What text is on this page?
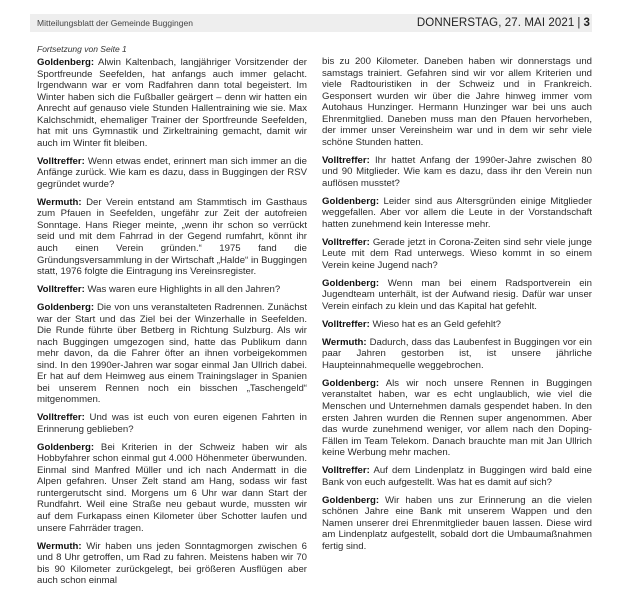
Mitteilungsblatt der Gemeinde Buggingen	DONNERSTAG, 27. MAI 2021 | 3
Fortsetzung von Seite 1

Goldenberg: Alwin Kaltenbach, langjähriger Vorsitzender der Sportfreunde Seefelden, hat anfangs auch immer gelacht. Irgendwann war er vom Radfahren dann total begeistert. Im Winter haben sich die Fußballer geärgert – denn wir hatten ein Anrecht auf genauso viele Stunden Hallentraining wie sie. Max Kalchschmidt, ehemaliger Trainer der Sportfreunde Seefelden, hat mit uns Gymnastik und Zirkeltraining gemacht, damit wir auch im Winter fit bleiben.

Volltreffer: Wenn etwas endet, erinnert man sich immer an die Anfänge zurück. Wie kam es dazu, dass in Buggingen der RSV gegründet wurde?

Wermuth: Der Verein entstand am Stammtisch im Gasthaus zum Pfauen in Seefelden, ungefähr zur Zeit der autofreien Sonntage. Hans Rieger meinte, „wenn ihr schon so verrückt seid und mit dem Fahrrad in der Gegend rumfahrt, könnt ihr auch einen Verein gründen.“ 1975 fand die Gründungsversammlung in der Wirtschaft „Halde“ in Buggingen statt, 1976 folgte die Eintragung ins Vereinsregister.

Volltreffer: Was waren eure Highlights in all den Jahren?

Goldenberg: Die von uns veranstalteten Radrennen. Zunächst war der Start und das Ziel bei der Winzerhalle in Seefelden. Die Runde führte über Betberg in Richtung Sulzburg. Als wir nach Buggingen umgezogen sind, hatte das Publikum dann mehr davon, da die Fahrer öfter an ihnen vorbeigekommen sind. In den 1990er-Jahren war sogar einmal Jan Ullrich dabei. Er hat auf dem Heimweg aus einem Trainingslager in Spanien bei unserem Rennen noch ein bisschen „Taschengeld“ mitgenommen.

Volltreffer: Und was ist euch von euren eigenen Fahrten in Erinnerung geblieben?

Goldenberg: Bei Kriterien in der Schweiz haben wir als Hobbyfahrer schon einmal gut 4.000 Höhenmeter überwunden. Einmal sind Manfred Müller und ich nach Andermatt in die Alpen gefahren. Unser Zelt stand am Hang, sodass wir fast runtergerutscht sind. Morgens um 6 Uhr war dann Start der Rundfahrt. Weil eine Straße neu gebaut wurde, mussten wir auf dem Furkapass einen Kilometer über Schotter laufen und unsere Fahrräder tragen.

Wermuth: Wir haben uns jeden Sonntagmorgen zwischen 6 und 8 Uhr getroffen, um Rad zu fahren. Meistens haben wir 70 bis 90 Kilometer zurückgelegt, bei größeren Ausflügen aber auch schon einmal

bis zu 200 Kilometer. Daneben haben wir donnerstags und samstags trainiert. Gefahren sind wir vor allem Kriterien und viele Radtouristiken in der Schweiz und in Frankreich. Gesponsert wurden wir über die Jahre hinweg immer vom Autohaus Hunzinger. Hermann Hunzinger war bei uns auch Ehrenmitglied. Daneben muss man den Pfauen hervorheben, der immer unser Vereinsheim war und in dem wir sehr viele schöne Stunden hatten.

Volltreffer: Ihr hattet Anfang der 1990er-Jahre zwischen 80 und 90 Mitglieder. Wie kam es dazu, dass ihr den Verein nun auflösen musstet?

Goldenberg: Leider sind aus Altersgründen einige Mitglieder weggefallen. Aber vor allem die Leute in der Vorstandschaft hatten zunehmend kein Interesse mehr.

Volltreffer: Gerade jetzt in Corona-Zeiten sind sehr viele junge Leute mit dem Rad unterwegs. Wieso kommt in so einem Verein keine Jugend nach?

Goldenberg: Wenn man bei einem Radsportverein ein Jugendteam unterhält, ist der Aufwand riesig. Dafür war unser Verein einfach zu klein und das Kapital hat gefehlt.

Volltreffer: Wieso hat es an Geld gefehlt?

Wermuth: Dadurch, dass das Laubenfest in Buggingen vor ein paar Jahren gestorben ist, ist unsere jährliche Haupteinnahmequelle weggebrochen.

Goldenberg: Als wir noch unsere Rennen in Buggingen veranstaltet haben, war es echt unglaublich, wie viel die Menschen und Unternehmen damals gespendet haben. In den ersten Jahren wurden die Rennen super angenommen. Aber das wurde zunehmend weniger, vor allem nach den Doping-Fällen im Team Telekom. Danach brauchte man mit Jan Ullrich keine Werbung mehr machen.

Volltreffer: Auf dem Lindenplatz in Buggingen wird bald eine Bank von euch aufgestellt. Was hat es damit auf sich?

Goldenberg: Wir haben uns zur Erinnerung an die vielen schönen Jahre eine Bank mit unserem Wappen und den Namen unserer drei Ehrenmitglieder bauen lassen. Diese wird am Lindenplatz aufgestellt, sobald dort die Umbaumaßnahmen fertig sind.
